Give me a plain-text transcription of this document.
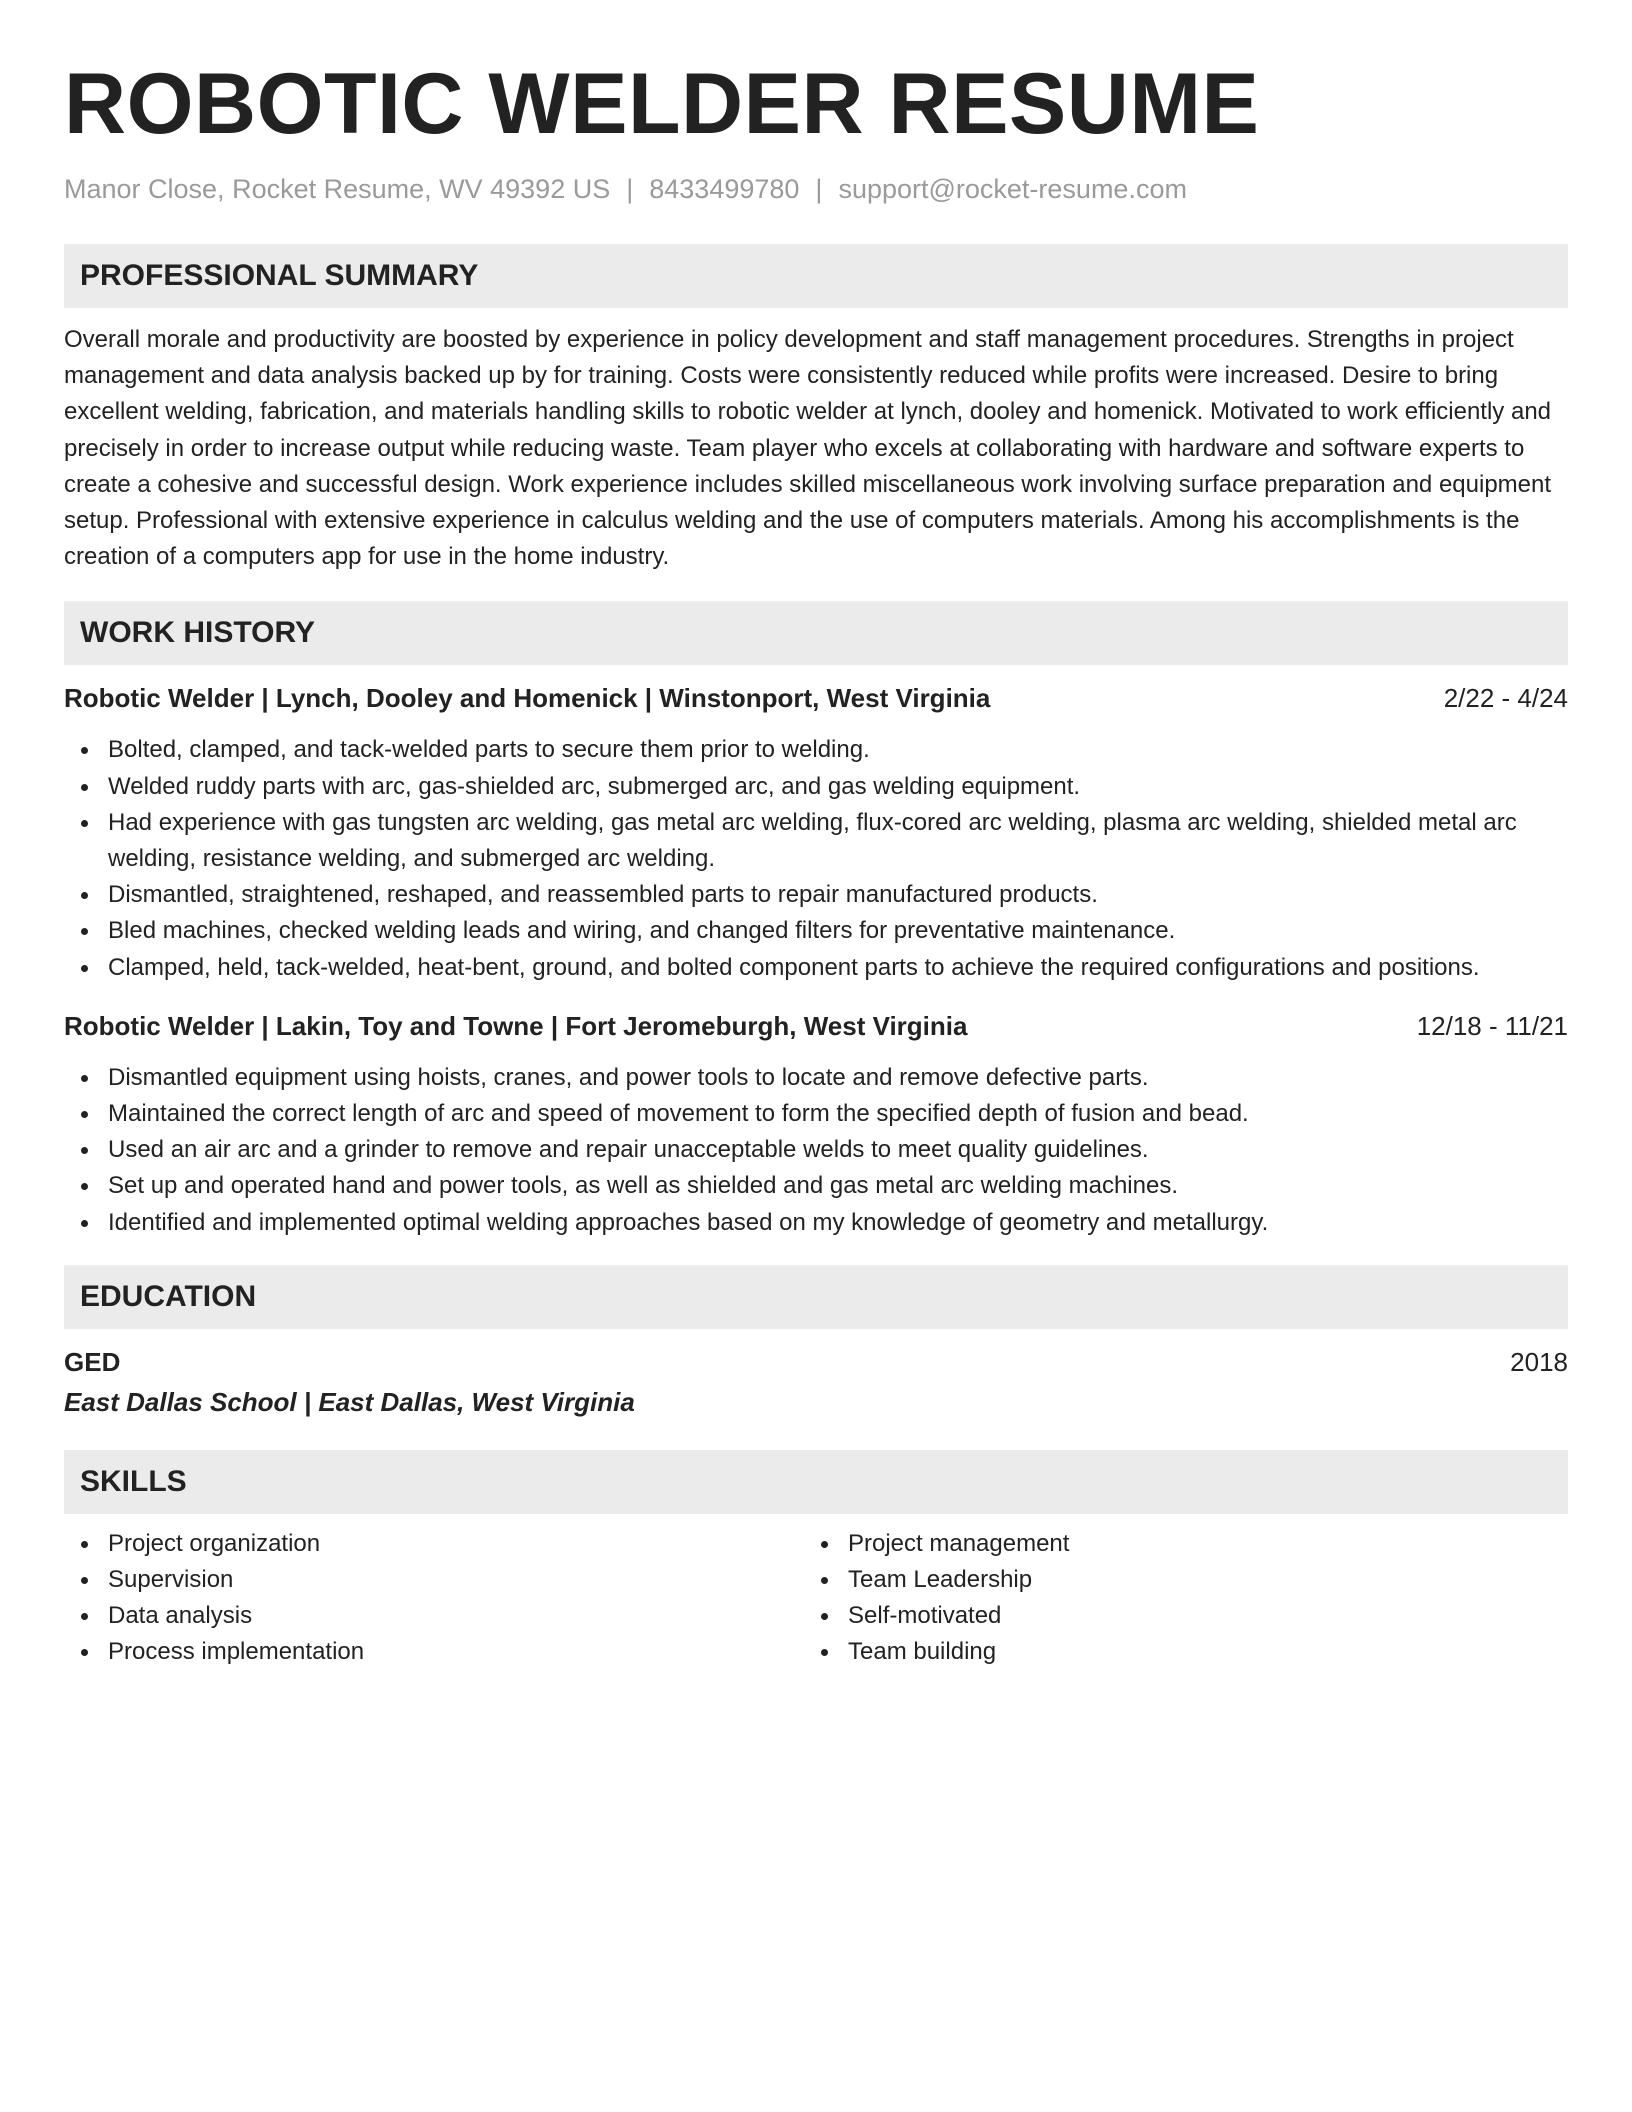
ROBOTIC WELDER RESUME
Manor Close, Rocket Resume, WV 49392 US | 8433499780 | support@rocket-resume.com
PROFESSIONAL SUMMARY

Overall morale and productivity are boosted by experience in policy development and staff management procedures. Strengths in project management and data analysis backed up by for training. Costs were consistently reduced while profits were increased. Desire to bring excellent welding, fabrication, and materials handling skills to robotic welder at lynch, dooley and homenick. Motivated to work efficiently and precisely in order to increase output while reducing waste. Team player who excels at collaborating with hardware and software experts to create a cohesive and successful design. Work experience includes skilled miscellaneous work involving surface preparation and equipment setup. Professional with extensive experience in calculus welding and the use of computers materials. Among his accomplishments is the creation of a computers app for use in the home industry.

WORK HISTORY
Robotic Welder | Lynch, Dooley and Homenick | Winstonport, West Virginia	2/22 - 4/24
Bolted, clamped, and tack-welded parts to secure them prior to welding.
Welded ruddy parts with arc, gas-shielded arc, submerged arc, and gas welding equipment.
Had experience with gas tungsten arc welding, gas metal arc welding, flux-cored arc welding, plasma arc welding, shielded metal arc welding, resistance welding, and submerged arc welding.
Dismantled, straightened, reshaped, and reassembled parts to repair manufactured products.
Bled machines, checked welding leads and wiring, and changed filters for preventative maintenance.
Clamped, held, tack-welded, heat-bent, ground, and bolted component parts to achieve the required configurations and positions.
Robotic Welder | Lakin, Toy and Towne | Fort Jeromeburgh, West Virginia	12/18 - 11/21
Dismantled equipment using hoists, cranes, and power tools to locate and remove defective parts.
Maintained the correct length of arc and speed of movement to form the specified depth of fusion and bead.
Used an air arc and a grinder to remove and repair unacceptable welds to meet quality guidelines.
Set up and operated hand and power tools, as well as shielded and gas metal arc welding machines.
Identified and implemented optimal welding approaches based on my knowledge of geometry and metallurgy.
EDUCATION
GED	2018
East Dallas School | East Dallas, West Virginia
SKILLS
Project organization
Supervision
Data analysis
Process implementation
Project management
Team Leadership
Self-motivated
Team building
